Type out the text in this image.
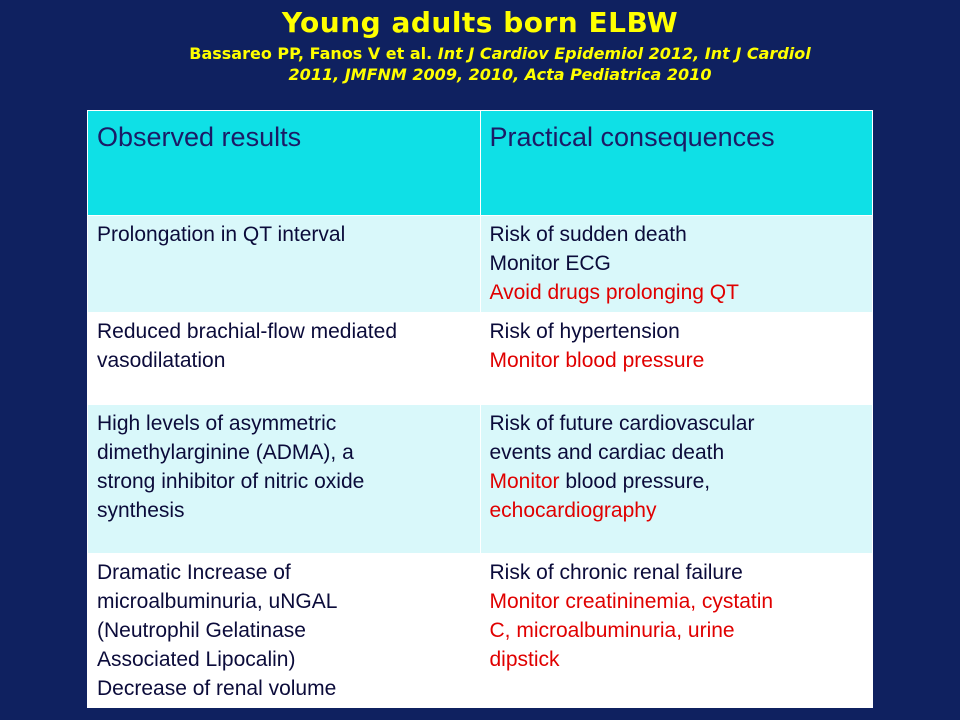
Young adults born ELBW
Bassareo PP, Fanos V et al. Int J Cardiov Epidemiol 2012, Int J Cardiol
2011, JMFNM 2009, 2010, Acta Pediatrica 2010
Observed results	Practical consequences

Prolongation in QT interval	Risk of sudden death
Monitor ECG
Avoid drugs prolonging QT

Reduced brachial-flow mediated
vasodilatation	Risk of hypertension
Monitor blood pressure

High levels of asymmetric
dimethylarginine (ADMA), a
strong inhibitor of nitric oxide
synthesis	Risk of future cardiovascular
events and cardiac death
Monitor blood pressure,
echocardiography

Dramatic Increase of
microalbuminuria, uNGAL
(Neutrophil Gelatinase
Associated Lipocalin)
Decrease of renal volume	Risk of chronic renal failure
Monitor creatininemia, cystatin
C, microalbuminuria, urine
dipstick
